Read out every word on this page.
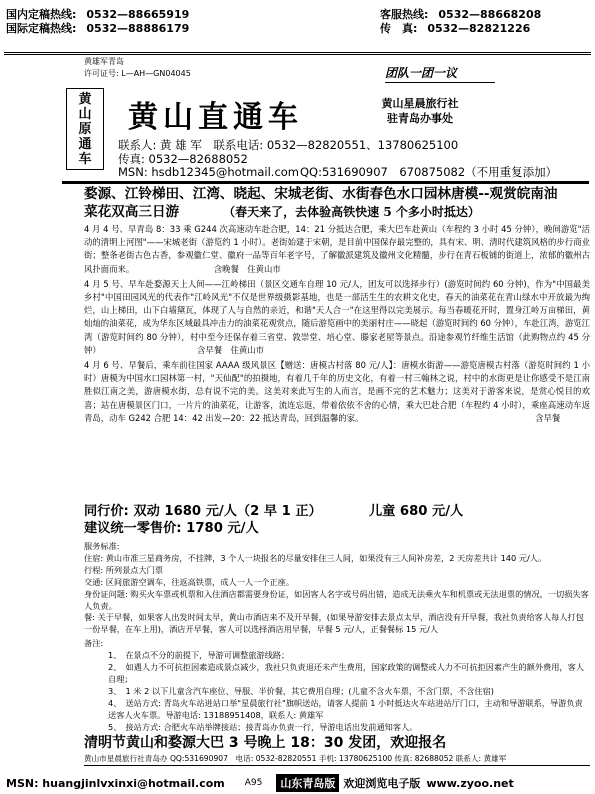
国内定稿热线: 0532—88665919
国际定稿热线: 0532—88886179
客服热线: 0532—88668208
传　真: 0532—82821226
黄雄军青岛
许可证号: L—AH—GN04045	团队一团一议
黄
山
原
通
车
黄山直通车	黄山星晨旅行社
驻青岛办事处
联系人: 黄 雄 军　联系电话: 0532—82820551、13780625100
传真: 0532—82688052
MSN: hsdb12345@hotmail.com QQ:531690907　670875082（不用重复添加）
婺源、江铃梯田、江湾、晓起、宋城老街、水街春色水口园林唐模--观赏皖南油
菜花双高三日游	（春天来了，去体验高铁快速 5 个多小时抵达）

4 月 4 号、早青岛 8：33 乘 G244 次高速动车赴合肥，14：21 分抵达合肥，乘大巴车赴黄山（车程约 3 小时 45 分钟），晚间游览"活动的清明上河图"——宋城老街（游览约 1 小时）。老街始建于宋朝，是目前中国保存最完整的，具有宋、明、清时代建筑风格的步行商业街；整条老街古色古香，参观徽仁堂、徽府一品等百年老字号，了解徽派建筑及徽州文化精髓，步行在青石板铺的街道上，浓郁的徽州古风扑面而来。　　　　　　　　　　含晚餐　住黄山市

4 月 5 号、早车赴婺源天上人间——江岭梯田（景区交通车自理 10 元/人，团友可以选择步行）(游览时间约 60 分钟)，作为"中国最美乡村"中国田园风光的代表作"江岭风光"不仅是世界级摄影基地，也是一部活生生的农耕文化史，春天的油菜花在青山绿水中开放最为绚烂，山上梯田，山下白墙黛瓦，体现了人与自然的亲近，和谐"天人合一"在这里得以完美展示。每当春暖花开时，置身江岭万亩梯田，黄灿灿的油菜花，成为华东区域最具冲击力的油菜花观赏点，随后游览画中的美丽村庄——晓起（游览时间约 60 分钟），车赴江湾，游览江湾（游览时间约 80 分钟），村中至今还保存着三省堂、敦崇堂、培心堂、滕家老屋等景点。沿途参观竹纤维生活馆（此购物点约 45 分钟）　　　　　　　　　　　　含早餐　住黄山市

4 月 6 号、早餐后，乘车前往国家 AAAA 级风景区【赠送：唐模古村落 80 元/人】：唐模水街游——游览唐模古村落（游览时间约 1 小时）唐模为中国水口园林第一村，"天仙配"的拍摄地，有着几千年的历史文化，有着一村三翰林之说，村中的水街更是让你感受不是江南胜似江南之美，游唐模水街，总有说不完的美。这美对来此写生的人而言，是画不完的艺术魅力；这美对于游客来说，是赏心悦目的欢喜；站在唐模景区门口，一片片的油菜花，让游客，流连忘返，带着依依不舍的心情，乘大巴赴合肥（车程约 4 小时），乘座高速动车返青岛，动车 G242 合肥 14：42 出发—20：22 抵达青岛，回到温馨的家。　　　　　　　　　　　　　　　　　　　　　含早餐

同行价: 双动 1680 元/人（2 早 1 正）	儿童 680 元/人
建议统一零售价: 1780 元/人
服务标准:
住宿: 黄山市准三星商务房，不挂牌，3 个人一块报名的尽量安排住三人间，如果没有三人间补房差，2 天房差共计 140 元/人。
行程: 所列景点大门票
交通: 区间旅游空调车，往返高铁票，成人一人一个正座。
身份证问题: 购买火车票或机票和入住酒店都需要身份证，如因客人名字或号码出错，造成无法乘火车和机票或无法退票的情况，一切损失客人负责。
餐: 关于早餐，如果客人出发时间太早，黄山市酒店来不及开早餐，(如果导游安排去景点太早，酒店没有开早餐，我社负责给客人每人打包一份早餐，在车上用)，酒店开早餐，客人可以选择酒店用早餐，早餐 5 元/人，正餐餐标 15 元/人
备注:
1、　在景点不分的前提下，导游可调整旅游线路；
2、　如遇人力不可抗拒因素造成景点减少，我社只负责退还未产生费用，国家政策的调整或人力不可抗拒因素产生的额外费用，客人自理；
3、　1 米 2 以下儿童含汽车座位、导服、半价餐，其它费用自理；(儿童不含火车票，不含门票，不含住宿)
4、　送站方式: 青岛火车站进站口举"星晨旅行社"旗帜送站，请客人提前 1 小时抵达火车站进站厅门口，主动和导游联系，导游负责送客人火车票。导游电话: 13188951408，联系人: 黄雄军
5、　接站方式: 合肥火车站举牌接站；接青岛办负责一行，导游电话出发前通知客人。
清明节黄山和婺源大巴 3 号晚上 18：30 发团，欢迎报名
黄山市星晨旅行社青岛办 QQ:531690907　电话: 0532-82820551 手机: 13780625100 传真: 82688052 联系人: 黄雄军
MSN: huangjinlvxinxi@hotmail.com A95	山东青岛版 欢迎浏览电子版 www.zyoo.net
